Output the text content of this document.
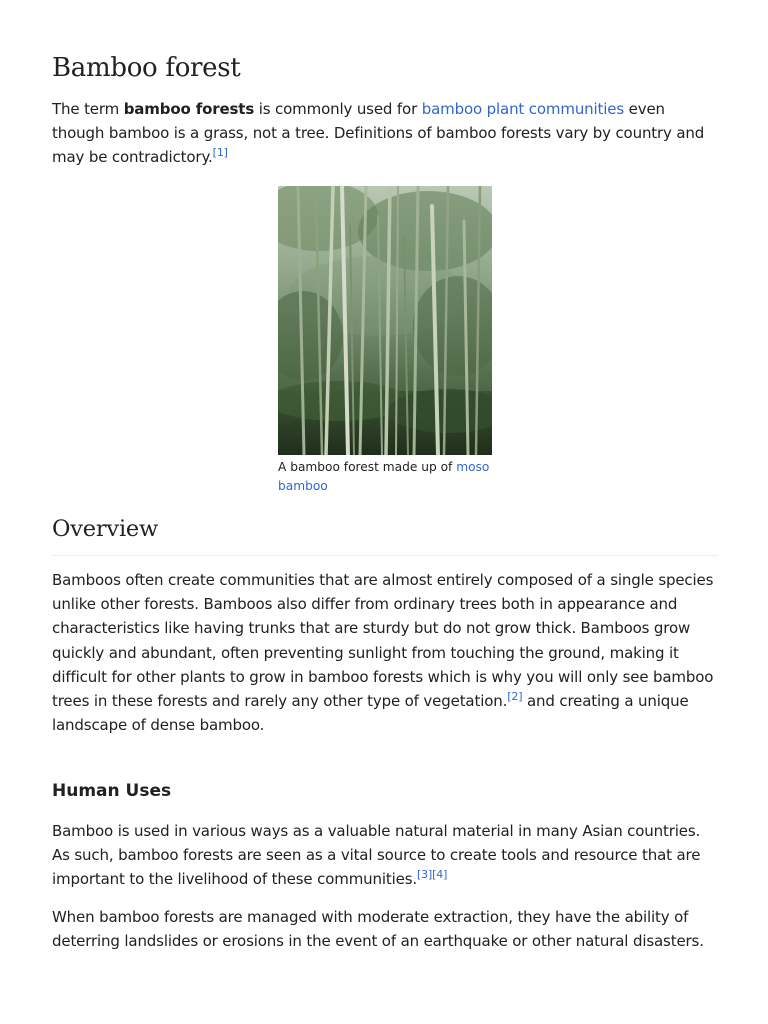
Bamboo forest

The term bamboo forests is commonly used for bamboo plant communities even though bamboo is a grass, not a tree. Definitions of bamboo forests vary by country and may be contradictory.[1]

A bamboo forest made up of moso bamboo
Overview

Bamboos often create communities that are almost entirely composed of a single species unlike other forests. Bamboos also differ from ordinary trees both in appearance and characteristics like having trunks that are sturdy but do not grow thick. Bamboos grow quickly and abundant, often preventing sunlight from touching the ground, making it difficult for other plants to grow in bamboo forests which is why you will only see bamboo trees in these forests and rarely any other type of vegetation.[2] and creating a unique landscape of dense bamboo.

Human Uses

Bamboo is used in various ways as a valuable natural material in many Asian countries. As such, bamboo forests are seen as a vital source to create tools and resource that are important to the livelihood of these communities.[3][4]

When bamboo forests are managed with moderate extraction, they have the ability of deterring landslides or erosions in the event of an earthquake or other natural disasters.
